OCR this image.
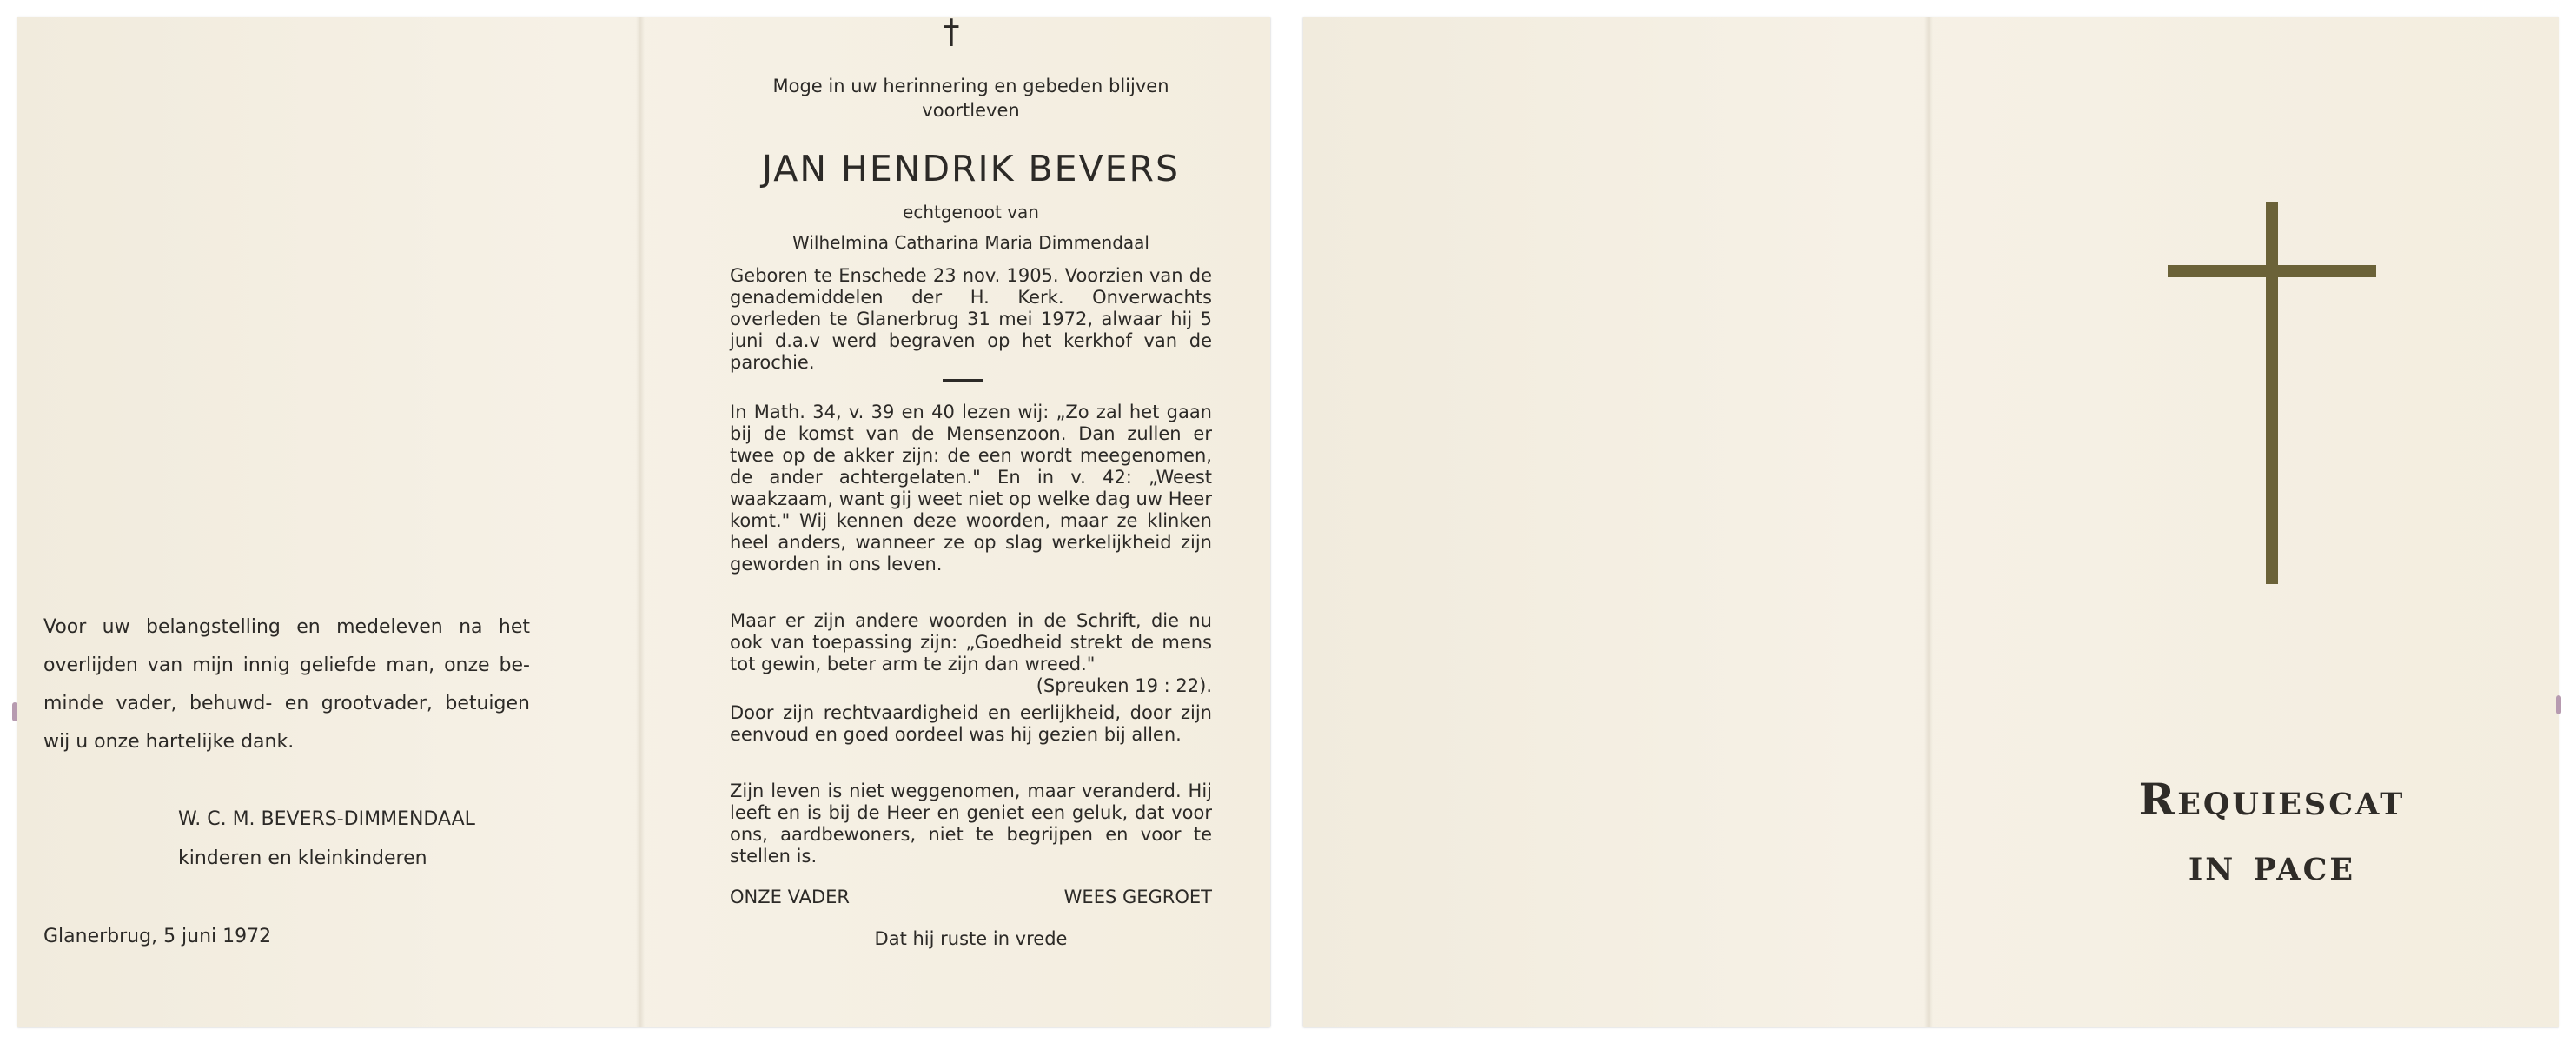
Voor uw belangstelling en medeleven na het

overlijden van mijn innig geliefde man, onze be-

minde vader, behuwd- en grootvader, betuigen

wij u onze hartelijke dank.

W. C. M. BEVERS-DIMMENDAAL

kinderen en kleinkinderen

Glanerbrug, 5 juni 1972

†

Moge in uw herinnering en gebeden blijven voortleven

JAN HENDRIK BEVERS

echtgenoot van

Wilhelmina Catharina Maria Dimmendaal

Geboren te Enschede 23 nov. 1905. Voorzien van de genademiddelen der H. Kerk. Onverwachts overleden te Glanerbrug 31 mei 1972, alwaar hij 5 juni d.a.v werd begraven op het kerkhof van de parochie.

In Math. 34, v. 39 en 40 lezen wij: „Zo zal het gaan bij de komst van de Mensenzoon. Dan zullen er twee op de akker zijn: de een wordt meegenomen, de ander achtergelaten." En in v. 42: „Weest waakzaam, want gij weet niet op welke dag uw Heer komt." Wij kennen deze woorden, maar ze klinken heel anders, wanneer ze op slag werkelijkheid zijn geworden in ons leven.

Maar er zijn andere woorden in de Schrift, die nu ook van toepassing zijn: „Goedheid strekt de mens tot gewin, beter arm te zijn dan wreed."

(Spreuken 19 : 22).

Door zijn rechtvaardigheid en eerlijkheid, door zijn eenvoud en goed oordeel was hij gezien bij allen.

Zijn leven is niet weggenomen, maar veranderd. Hij leeft en is bij de Heer en geniet een geluk, dat voor ons, aardbewoners, niet te begrijpen en voor te stellen is.

ONZE VADER	WEES GEGROET

Dat hij ruste in vrede

Requiescat

in pace
